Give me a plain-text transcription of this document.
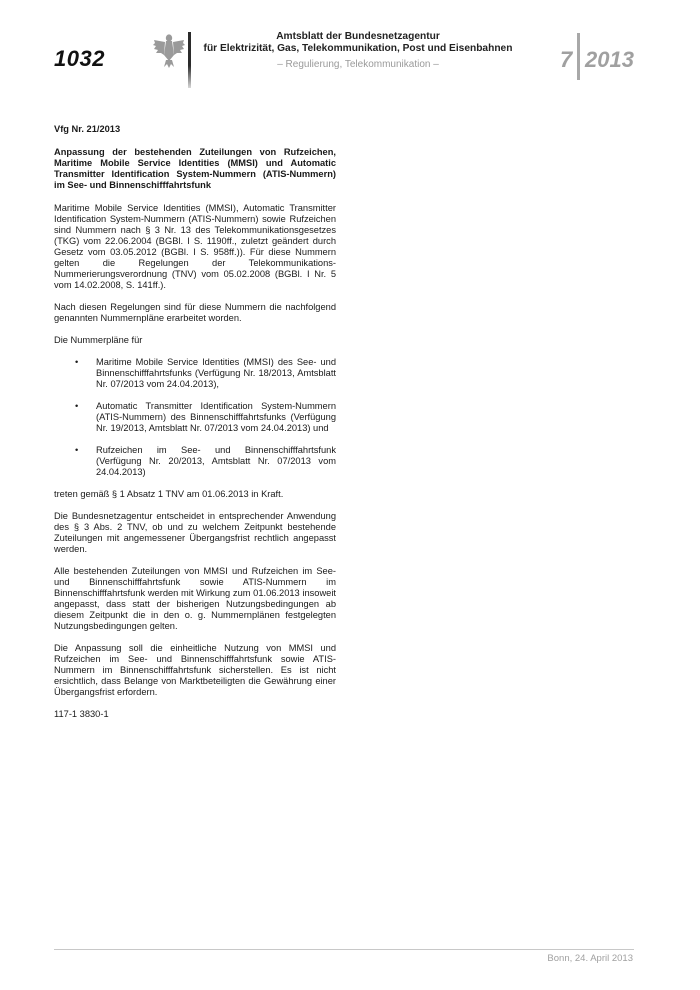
1032
Amtsblatt der Bundesnetzagentur
für Elektrizität, Gas, Telekommunikation, Post und Eisenbahnen
– Regulierung, Telekommunikation –	7 2013
Vfg Nr. 21/2013
Anpassung der bestehenden Zuteilungen von Rufzeichen, Maritime Mobile Service Identities (MMSI) und Automatic Transmitter Identification System-Nummern (ATIS-Nummern) im See- und Binnenschifffahrtsfunk
Maritime Mobile Service Identities (MMSI), Automatic Transmitter Identification System-Nummern (ATIS-Nummern) sowie Rufzeichen sind Nummern nach § 3 Nr. 13 des Telekommunikationsgesetzes (TKG) vom 22.06.2004 (BGBl. I S. 1190ff., zuletzt geändert durch Gesetz vom 03.05.2012 (BGBl. I S. 958ff.)). Für diese Nummern gelten die Regelungen der Telekommunikations-Nummerierungsverordnung (TNV) vom 05.02.2008 (BGBl. I Nr. 5 vom 14.02.2008, S. 141ff.).
Nach diesen Regelungen sind für diese Nummern die nachfolgend genannten Nummernpläne erarbeitet worden.
Die Nummerpläne für
• Maritime Mobile Service Identities (MMSI) des See- und Binnenschifffahrtsfunks (Verfügung Nr. 18/2013, Amtsblatt Nr. 07/2013 vom 24.04.2013),
• Automatic Transmitter Identification System-Nummern (ATIS-Nummern) des Binnenschifffahrtsfunks (Verfügung Nr. 19/2013, Amtsblatt Nr. 07/2013 vom 24.04.2013) und
• Rufzeichen im See- und Binnenschifffahrtsfunk (Verfügung Nr. 20/2013, Amtsblatt Nr. 07/2013 vom 24.04.2013)
treten gemäß § 1 Absatz 1 TNV am 01.06.2013 in Kraft.
Die Bundesnetzagentur entscheidet in entsprechender Anwendung des § 3 Abs. 2 TNV, ob und zu welchem Zeitpunkt bestehende Zuteilungen mit angemessener Übergangsfrist rechtlich angepasst werden.
Alle bestehenden Zuteilungen von MMSI und Rufzeichen im See- und Binnenschifffahrtsfunk sowie ATIS-Nummern im Binnenschifffahrtsfunk werden mit Wirkung zum 01.06.2013 insoweit angepasst, dass statt der bisherigen Nutzungsbedingungen ab diesem Zeitpunkt die in den o. g. Nummernplänen festgelegten Nutzungsbedingungen gelten.
Die Anpassung soll die einheitliche Nutzung von MMSI und Rufzeichen im See- und Binnenschifffahrtsfunk sowie ATIS-Nummern im Binnenschifffahrtsfunk sicherstellen. Es ist nicht ersichtlich, dass Belange von Marktbeteiligten die Gewährung einer Übergangsfrist erfordern.
117-1 3830-1
Bonn, 24. April 2013
